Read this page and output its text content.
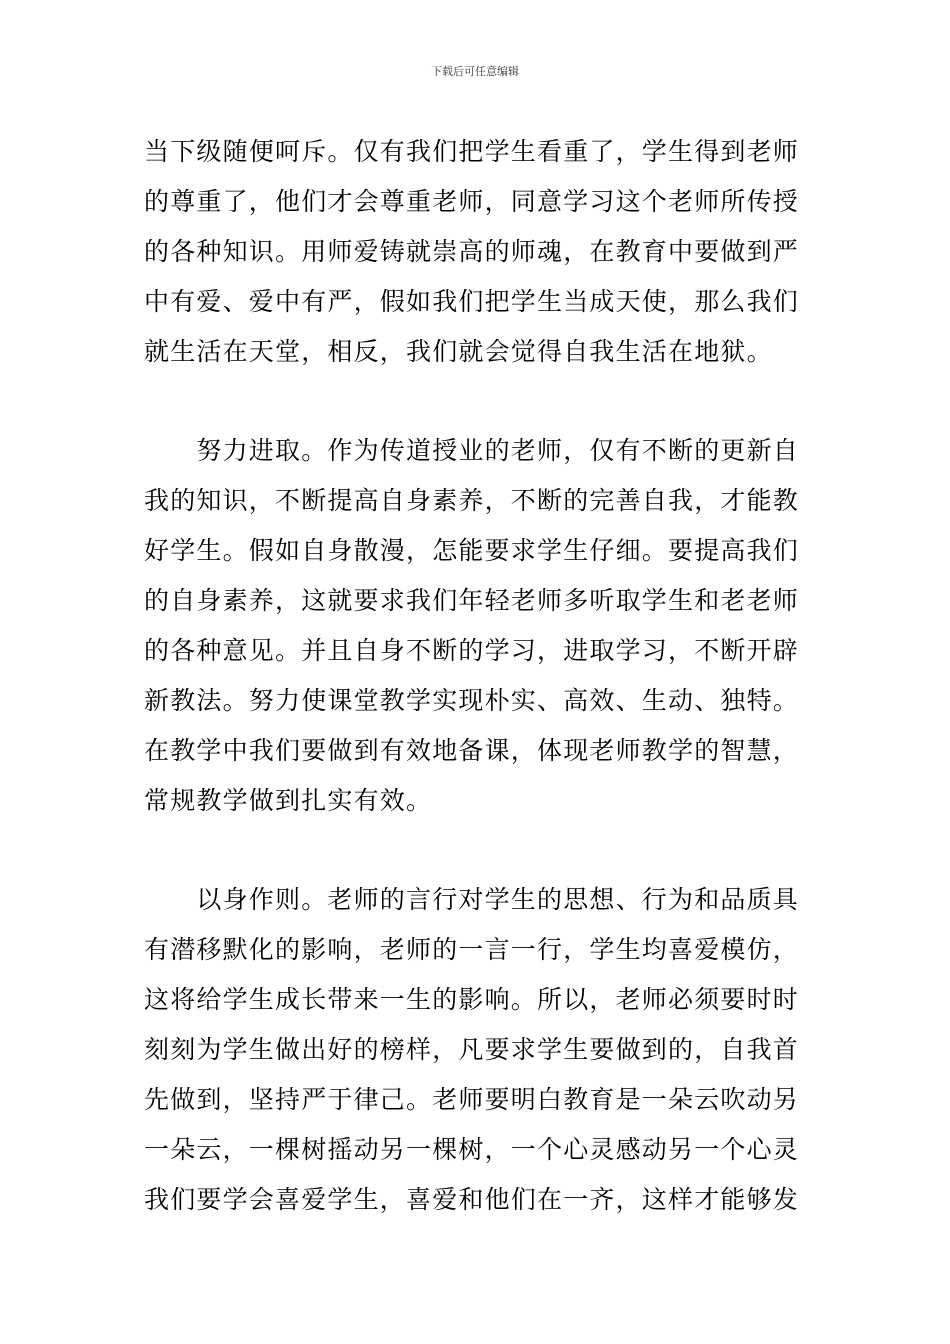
下载后可任意编辑
当下级随便呵斥。仅有我们把学生看重了，学生得到老师
的尊重了，他们才会尊重老师，同意学习这个老师所传授
的各种知识。用师爱铸就崇高的师魂，在教育中要做到严
中有爱、爱中有严，假如我们把学生当成天使，那么我们
就生活在天堂，相反，我们就会觉得自我生活在地狱。
　　努力进取。作为传道授业的老师，仅有不断的更新自
我的知识，不断提高自身素养，不断的完善自我，才能教
好学生。假如自身散漫，怎能要求学生仔细。要提高我们
的自身素养，这就要求我们年轻老师多听取学生和老老师
的各种意见。并且自身不断的学习，进取学习，不断开辟
新教法。努力使课堂教学实现朴实、高效、生动、独特。
在教学中我们要做到有效地备课，体现老师教学的智慧，
常规教学做到扎实有效。
　　以身作则。老师的言行对学生的思想、行为和品质具
有潜移默化的影响，老师的一言一行，学生均喜爱模仿，
这将给学生成长带来一生的影响。所以，老师必须要时时
刻刻为学生做出好的榜样，凡要求学生要做到的，自我首
先做到，坚持严于律己。老师要明白教育是一朵云吹动另
一朵云，一棵树摇动另一棵树，一个心灵感动另一个心灵
我们要学会喜爱学生，喜爱和他们在一齐，这样才能够发
